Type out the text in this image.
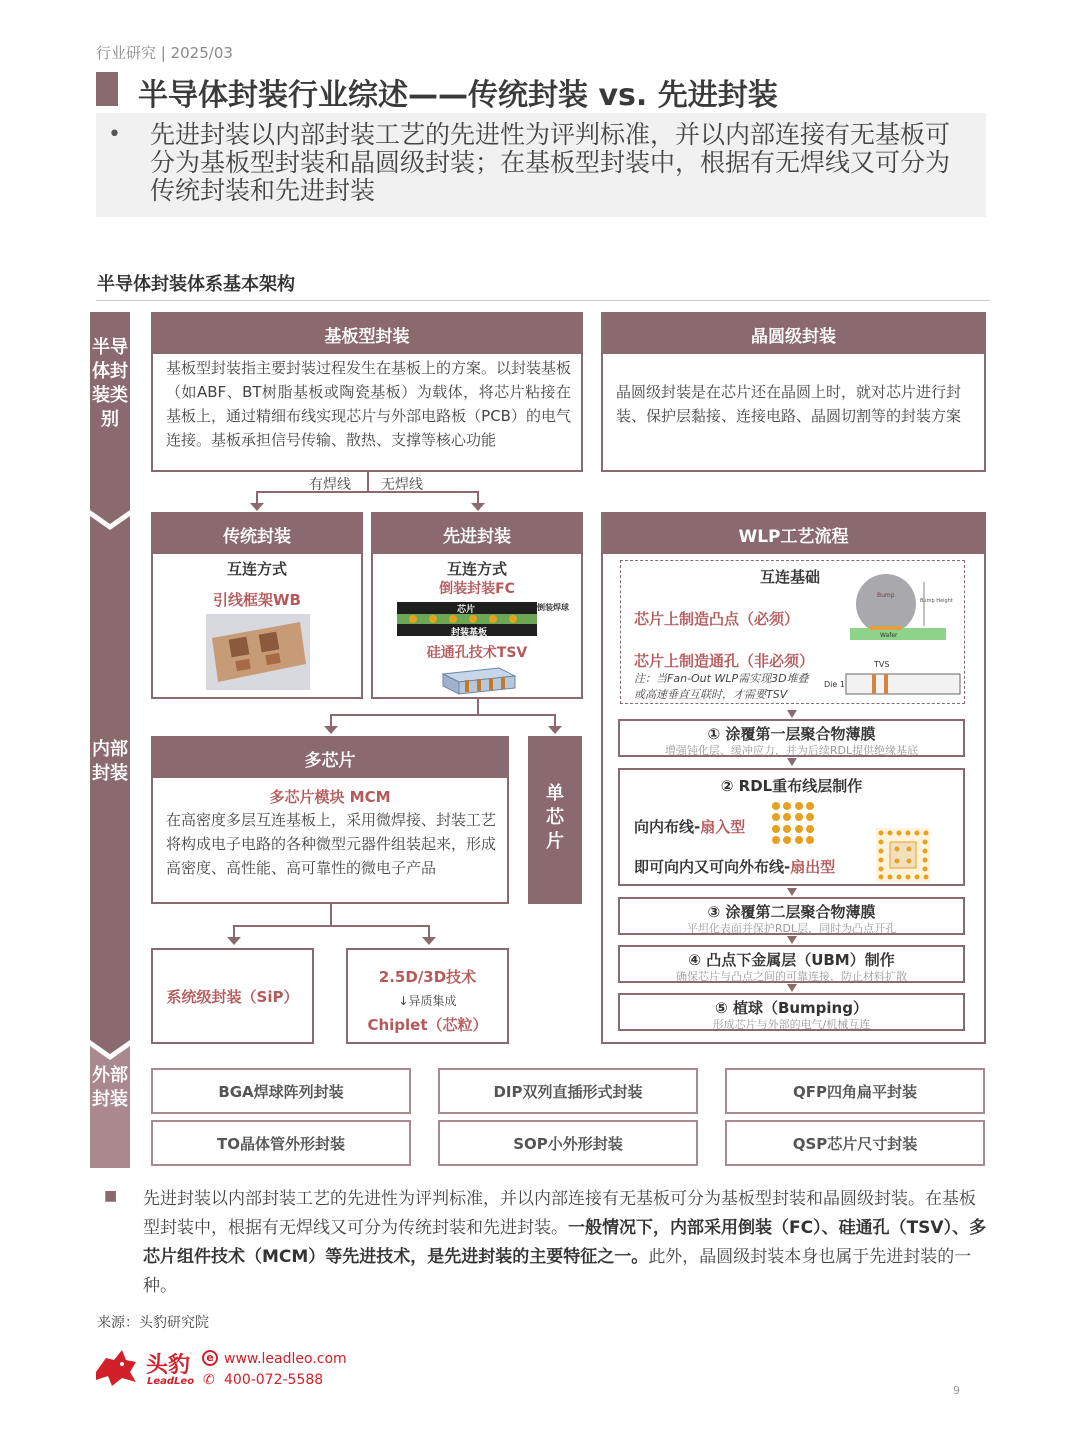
行业研究 | 2025/03
半导体封装行业综述——传统封装 vs. 先进封装
• 先进封装以内部封装工艺的先进性为评判标准，并以内部连接有无基板可分为基板型封装和晶圆级封装；在基板型封装中，根据有无焊线又可分为传统封装和先进封装
半导体封装体系基本架构
半导体封装类别
内部封装
外部封装
基板型封装
基板型封装指主要封装过程发生在基板上的方案。以封装基板（如ABF、BT树脂基板或陶瓷基板）为载体，将芯片粘接在基板上，通过精细布线实现芯片与外部电路板（PCB）的电气连接。基板承担信号传输、散热、支撑等核心功能
晶圆级封装
晶圆级封装是在芯片还在晶圆上时，就对芯片进行封装、保护层黏接、连接电路、晶圆切割等的封装方案
有焊线 无焊线
传统封装
互连方式
引线框架WB
先进封装
互连方式
倒装封装FC
芯片
封装基板
倒装焊球
硅通孔技术TSV
多芯片
多芯片模块 MCM
在高密度多层互连基板上，采用微焊接、封装工艺将构成电子电路的各种微型元器件组装起来，形成高密度、高性能、高可靠性的微电子产品
单芯片
系统级封装（SiP）
2.5D/3D技术
↓异质集成
Chiplet（芯粒）
WLP工艺流程
互连基础
芯片上制造凸点（必须）
芯片上制造通孔（非必须）
注：当Fan-Out WLP需实现3D堆叠
或高速垂直互联时，才需要TSV
Bump
Bump Height
Wafer
TVS
Die 1
① 涂覆第一层聚合物薄膜
增强钝化层、缓冲应力，并为后续RDL提供绝缘基底
② RDL重布线层制作
向内布线-扇入型
即可向内又可向外布线-扇出型
③ 涂覆第二层聚合物薄膜
平坦化表面并保护RDL层，同时为凸点开孔
④ 凸点下金属层（UBM）制作
确保芯片与凸点之间的可靠连接，防止材料扩散
⑤ 植球（Bumping）
形成芯片与外部的电气/机械互连
BGA焊球阵列封装	DIP双列直插形式封装	QFP四角扁平封装
TO晶体管外形封装	SOP小外形封装	QSP芯片尺寸封装
■ 先进封装以内部封装工艺的先进性为评判标准，并以内部连接有无基板可分为基板型封装和晶圆级封装。在基板型封装中，根据有无焊线又可分为传统封装和先进封装。一般情况下，内部采用倒装（FC）、硅通孔（TSV）、多芯片组件技术（MCM）等先进技术，是先进封装的主要特征之一。此外，晶圆级封装本身也属于先进封装的一种。
来源：头豹研究院
头豹
LeadLeo
e www.leadleo.com
✆ 400-072-5588
9
